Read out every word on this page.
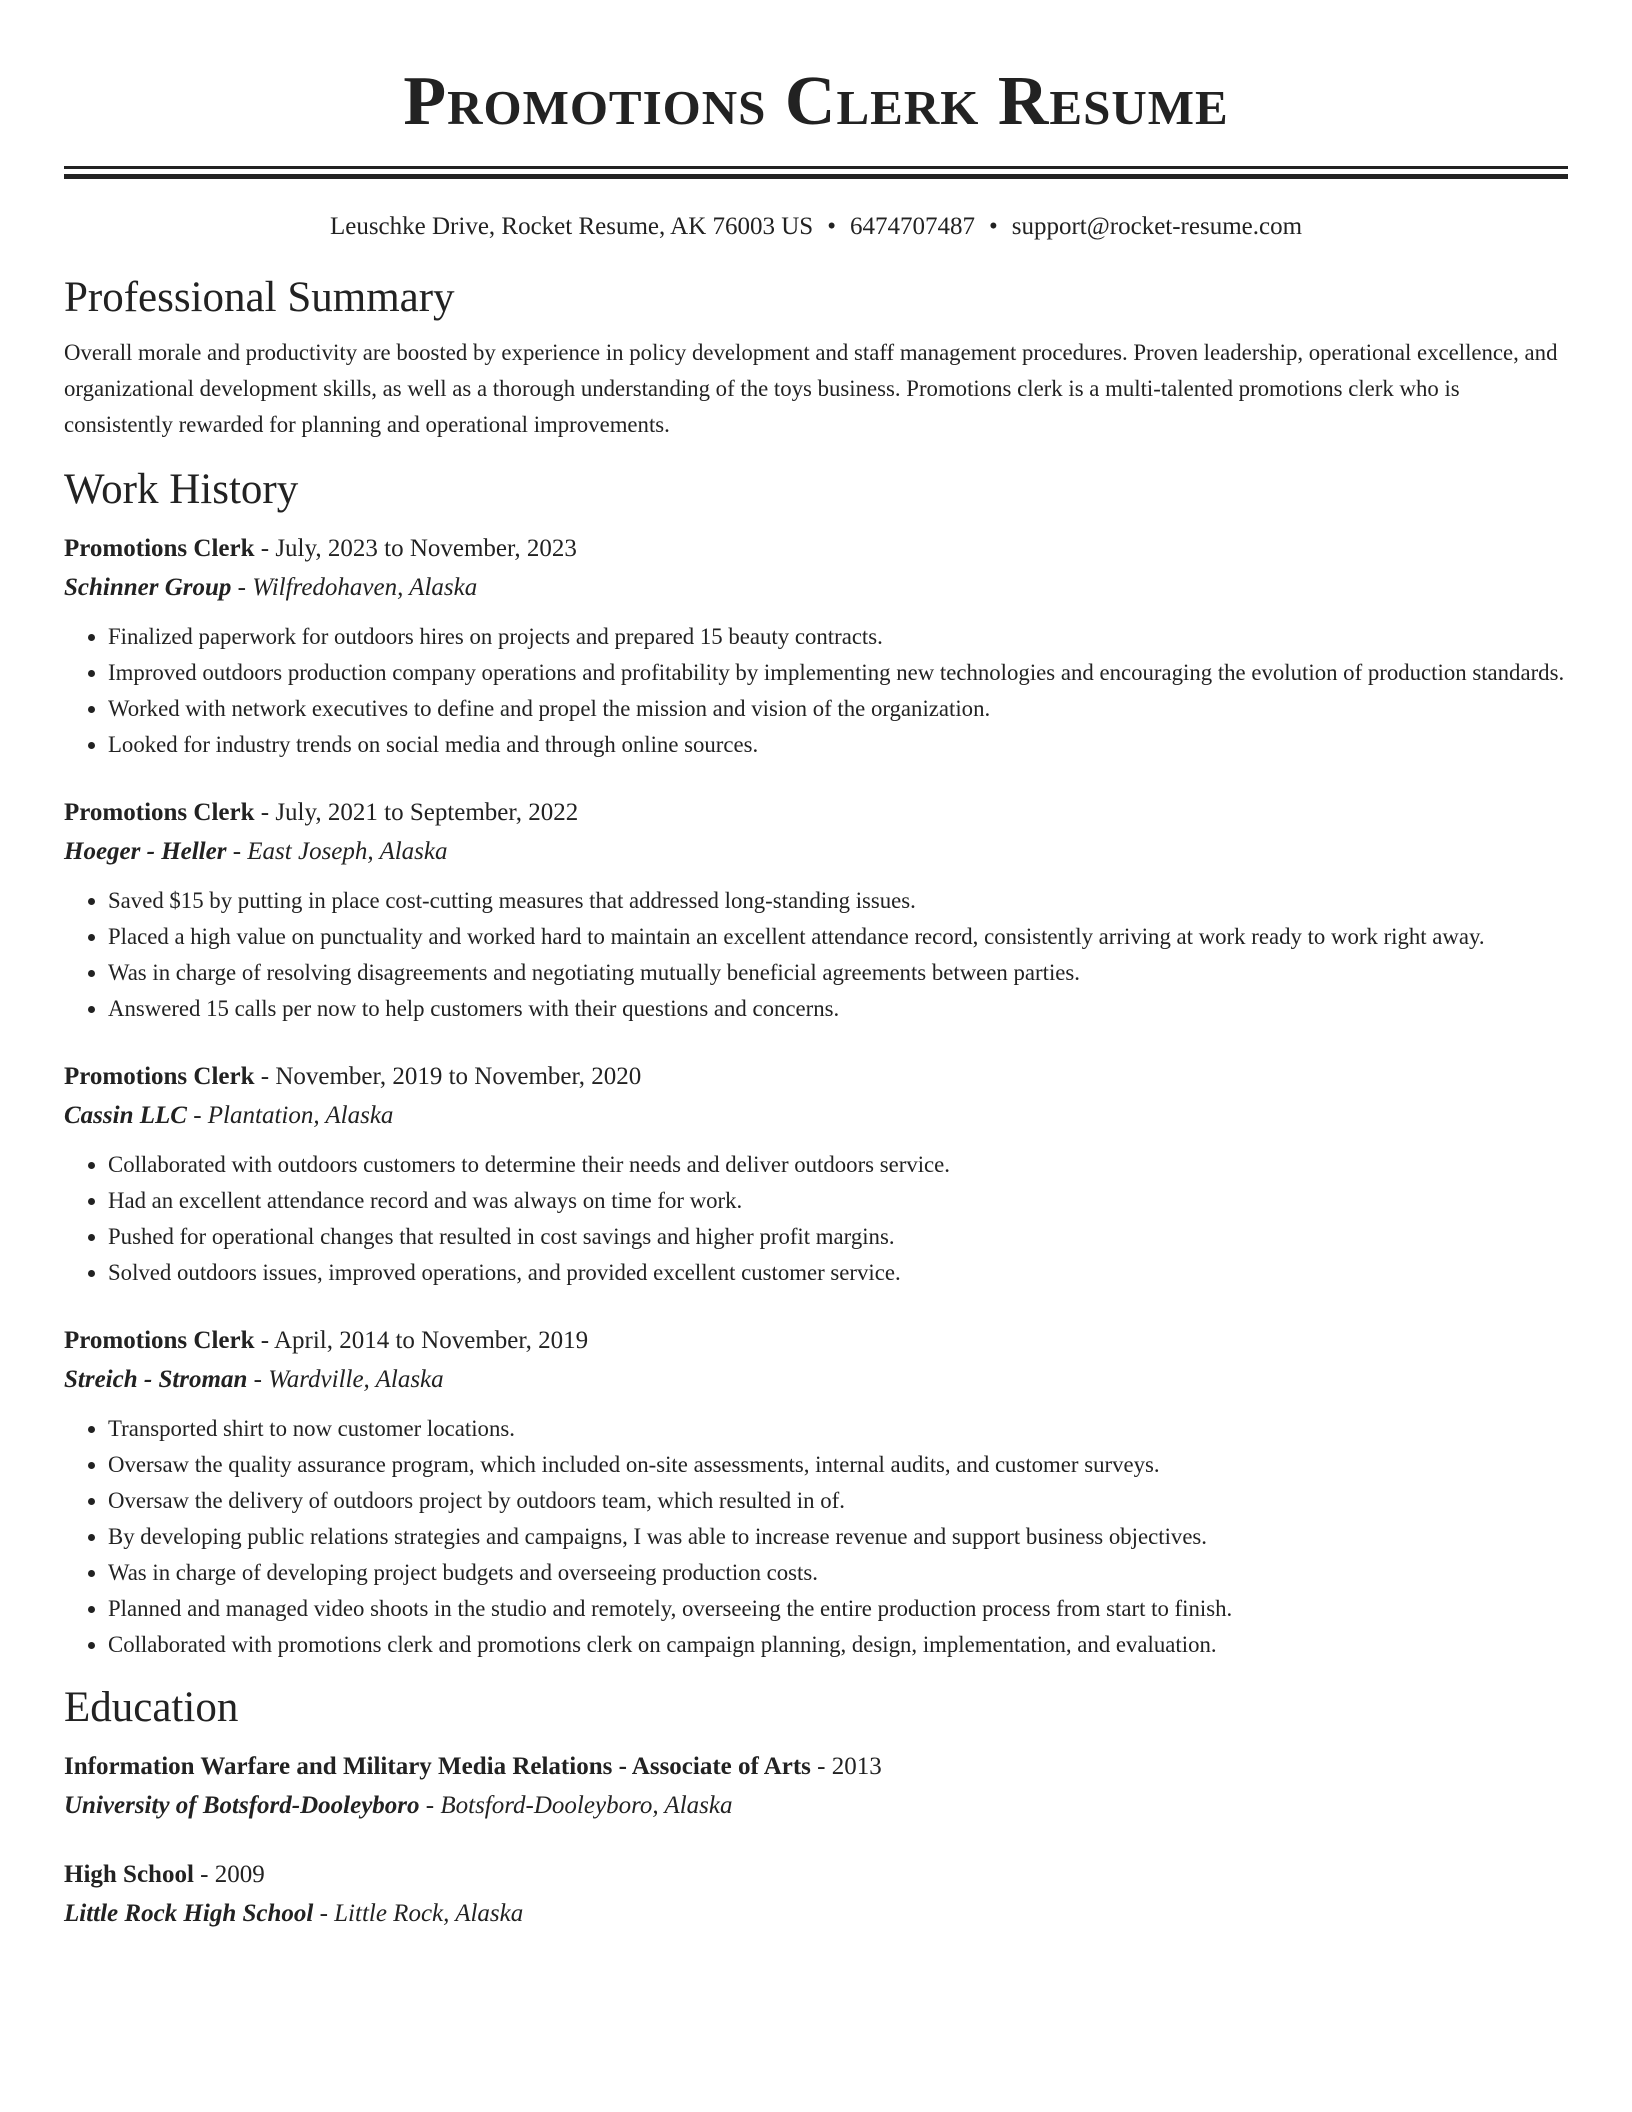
Promotions Clerk Resume
Leuschke Drive, Rocket Resume, AK 76003 US • 6474707487 • support@rocket-resume.com
Professional Summary

Overall morale and productivity are boosted by experience in policy development and staff management procedures. Proven leadership, operational excellence, and organizational development skills, as well as a thorough understanding of the toys business. Promotions clerk is a multi-talented promotions clerk who is consistently rewarded for planning and operational improvements.

Work History
Promotions Clerk - July, 2023 to November, 2023
Schinner Group - Wilfredohaven, Alaska
• Finalized paperwork for outdoors hires on projects and prepared 15 beauty contracts.
• Improved outdoors production company operations and profitability by implementing new technologies and encouraging the evolution of production standards.
• Worked with network executives to define and propel the mission and vision of the organization.
• Looked for industry trends on social media and through online sources.
Promotions Clerk - July, 2021 to September, 2022
Hoeger - Heller - East Joseph, Alaska
• Saved $15 by putting in place cost-cutting measures that addressed long-standing issues.
• Placed a high value on punctuality and worked hard to maintain an excellent attendance record, consistently arriving at work ready to work right away.
• Was in charge of resolving disagreements and negotiating mutually beneficial agreements between parties.
• Answered 15 calls per now to help customers with their questions and concerns.
Promotions Clerk - November, 2019 to November, 2020
Cassin LLC - Plantation, Alaska
• Collaborated with outdoors customers to determine their needs and deliver outdoors service.
• Had an excellent attendance record and was always on time for work.
• Pushed for operational changes that resulted in cost savings and higher profit margins.
• Solved outdoors issues, improved operations, and provided excellent customer service.
Promotions Clerk - April, 2014 to November, 2019
Streich - Stroman - Wardville, Alaska
• Transported shirt to now customer locations.
• Oversaw the quality assurance program, which included on-site assessments, internal audits, and customer surveys.
• Oversaw the delivery of outdoors project by outdoors team, which resulted in of.
• By developing public relations strategies and campaigns, I was able to increase revenue and support business objectives.
• Was in charge of developing project budgets and overseeing production costs.
• Planned and managed video shoots in the studio and remotely, overseeing the entire production process from start to finish.
• Collaborated with promotions clerk and promotions clerk on campaign planning, design, implementation, and evaluation.
Education
Information Warfare and Military Media Relations - Associate of Arts - 2013
University of Botsford-Dooleyboro - Botsford-Dooleyboro, Alaska
High School - 2009
Little Rock High School - Little Rock, Alaska
